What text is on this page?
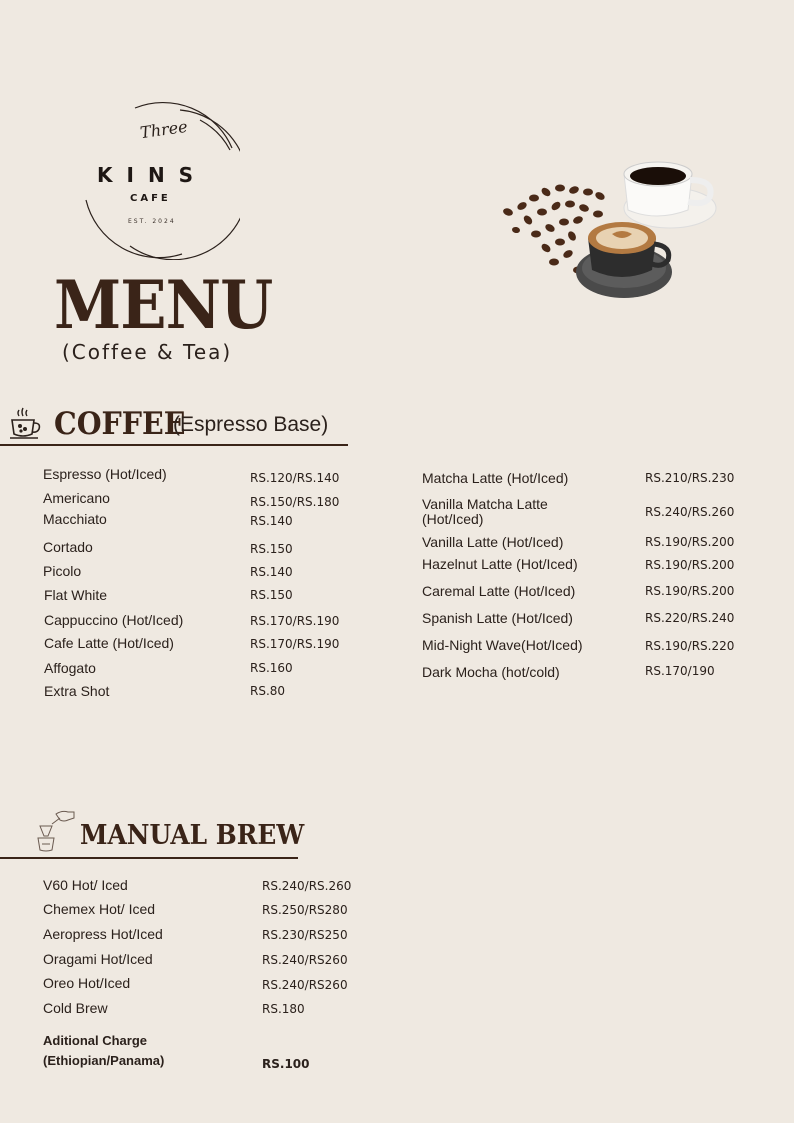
Three
KINS
CAFE
EST. 2024
MENU
(Coffee & Tea)
COFFEE
(Espresso Base)
Espresso (Hot/Iced)	RS.120/RS.140
Americano	RS.150/RS.180
Macchiato	RS.140
Cortado	RS.150
Picolo	RS.140
Flat White	RS.150
Cappuccino (Hot/Iced)	RS.170/RS.190
Cafe Latte (Hot/Iced)	RS.170/RS.190
Affogato	RS.160
Extra Shot	RS.80
Matcha Latte (Hot/Iced)	RS.210/RS.230
Vanilla Matcha Latte
(Hot/Iced)	RS.240/RS.260
Vanilla Latte (Hot/Iced)	RS.190/RS.200
Hazelnut Latte (Hot/Iced)	RS.190/RS.200
Caremal Latte (Hot/Iced)	RS.190/RS.200
Spanish Latte (Hot/Iced)	RS.220/RS.240
Mid-Night Wave(Hot/Iced)	RS.190/RS.220
Dark Mocha (hot/cold)	RS.170/190
MANUAL BREW
V60 Hot/ Iced	RS.240/RS.260
Chemex Hot/ Iced	RS.250/RS280
Aeropress Hot/Iced	RS.230/RS250
Oragami Hot/Iced	RS.240/RS260
Oreo Hot/Iced	RS.240/RS260
Cold Brew	RS.180
Aditional Charge
(Ethiopian/Panama)	RS.100
